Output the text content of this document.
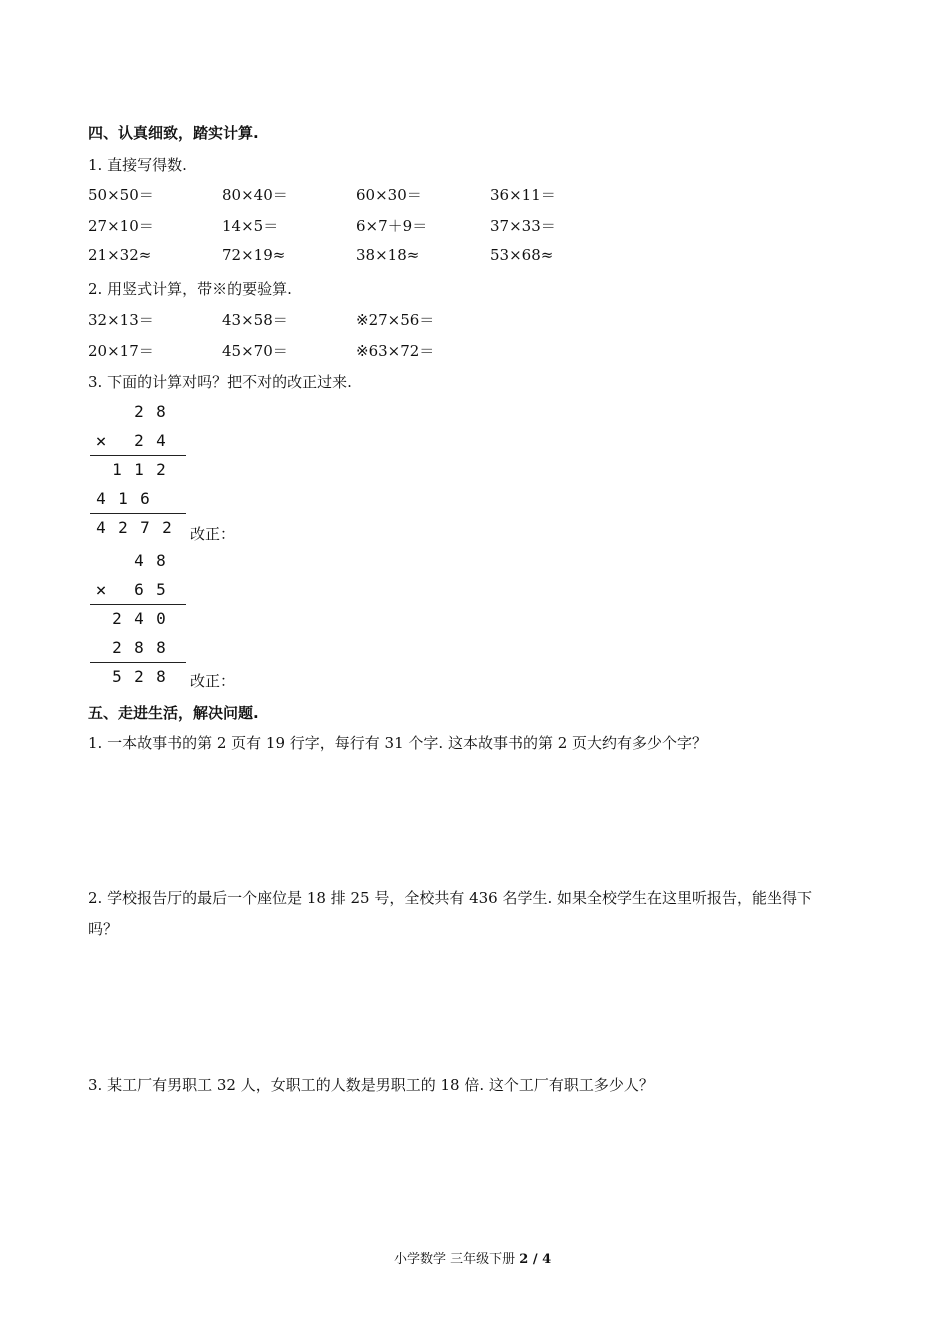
四、认真细致，踏实计算.
1. 直接写得数.
50×50＝	80×40＝	60×30＝	36×11＝
27×10＝	14×5＝	6×7＋9＝	37×33＝
21×32≈	72×19≈	38×18≈	53×68≈
2. 用竖式计算，带※的要验算.
32×13＝	43×58＝	※27×56＝
20×17＝	45×70＝	※63×72＝
3. 下面的计算对吗？把不对的改正过来.
2 8
× 2 4
1 1 2
4 1 6
4 2 7 2 改正：
4 8
× 6 5
2 4 0
2 8 8
5 2 8 改正：
五、走进生活，解决问题.
1. 一本故事书的第 2 页有 19 行字，每行有 31 个字. 这本故事书的第 2 页大约有多少个字？
2. 学校报告厅的最后一个座位是 18 排 25 号，全校共有 436 名学生. 如果全校学生在这里听报告，能坐得下
吗？
3. 某工厂有男职工 32 人，女职工的人数是男职工的 18 倍. 这个工厂有职工多少人？
小学数学 三年级下册 2 / 4
